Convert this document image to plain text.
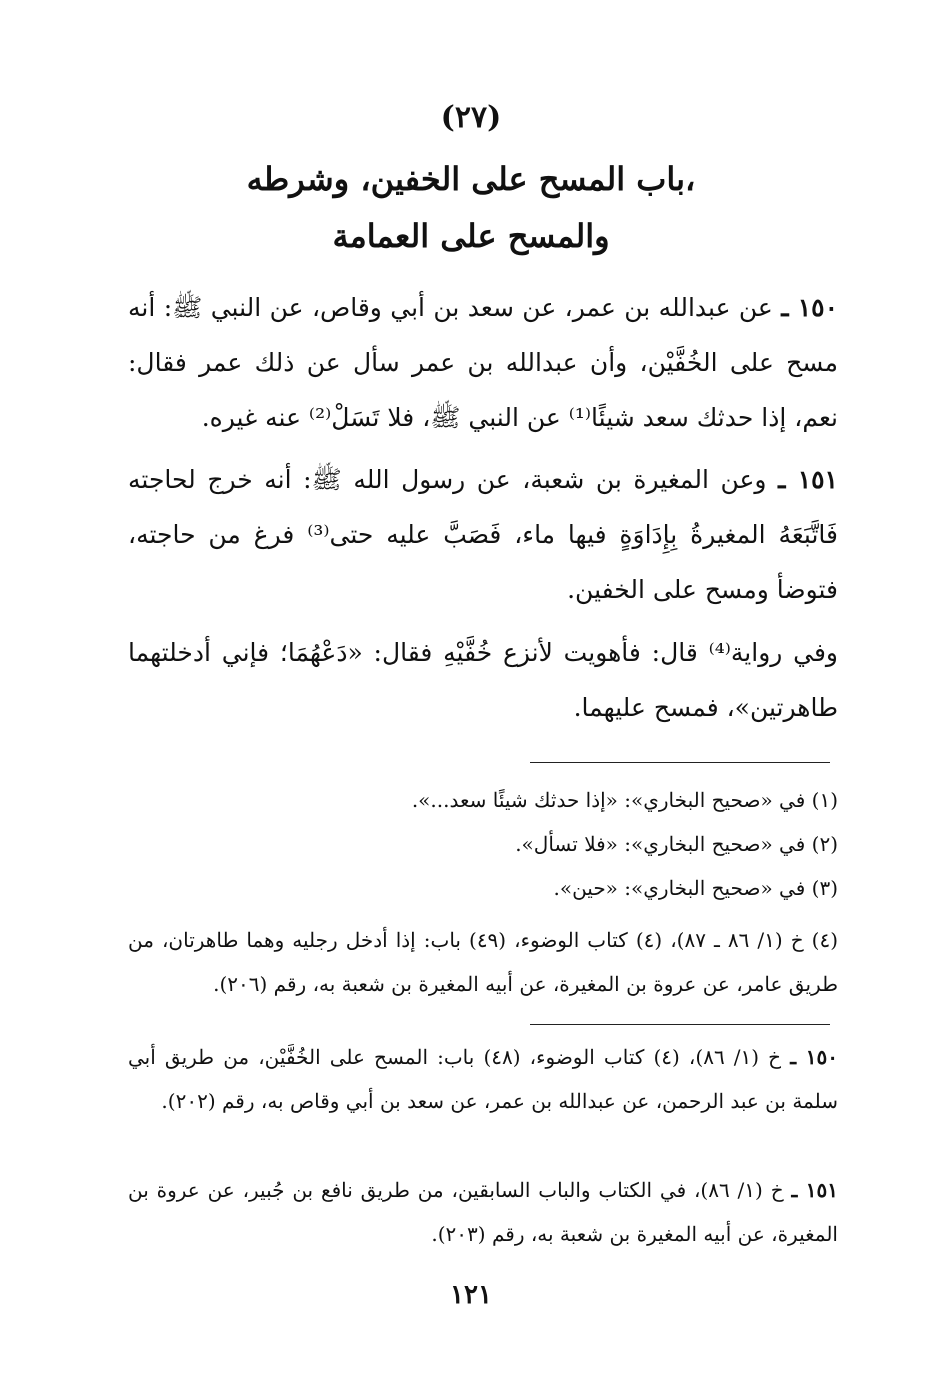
(٢٧)
باب المسح على الخفين، وشرطه،
والمسح على العمامة
١٥٠ ـ عن عبدالله بن عمر، عن سعد بن أبي وقاص، عن النبي ﷺ: أنه مسح على الخُفَّيْن، وأن عبدالله بن عمر سأل عن ذلك عمر فقال: نعم، إذا حدثك سعد شيئًا⁽¹⁾ عن النبي ﷺ، فلا تَسَلْ⁽²⁾ عنه غيره.
١٥١ ـ وعن المغيرة بن شعبة، عن رسول الله ﷺ: أنه خرج لحاجته فَاتَّبَعَهُ المغيرةُ بِإِدَاوَةٍ فيها ماء، فَصَبَّ عليه حتى⁽³⁾ فرغ من حاجته، فتوضأ ومسح على الخفين.
وفي رواية⁽⁴⁾ قال: فأهويت لأنزع خُفَّيْهِ فقال: «دَعْهُمَا؛ فإني أدخلتهما طاهرتين»، فمسح عليهما.
(١) في «صحيح البخاري»: «إذا حدثك شيئًا سعد...».
(٢) في «صحيح البخاري»: «فلا تسأل».
(٣) في «صحيح البخاري»: «حين».
(٤) خ (١/ ٨٦ ـ ٨٧)، (٤) كتاب الوضوء، (٤٩) باب: إذا أدخل رجليه وهما طاهرتان، من طريق عامر، عن عروة بن المغيرة، عن أبيه المغيرة بن شعبة به، رقم (٢٠٦).
١٥٠ ـ خ (١/ ٨٦)، (٤) كتاب الوضوء، (٤٨) باب: المسح على الخُفَّيْن، من طريق أبي سلمة بن عبد الرحمن، عن عبدالله بن عمر، عن سعد بن أبي وقاص به، رقم (٢٠٢).
١٥١ ـ خ (١/ ٨٦)، في الكتاب والباب السابقين، من طريق نافع بن جُبير، عن عروة بن المغيرة، عن أبيه المغيرة بن شعبة به، رقم (٢٠٣).
١٢١
